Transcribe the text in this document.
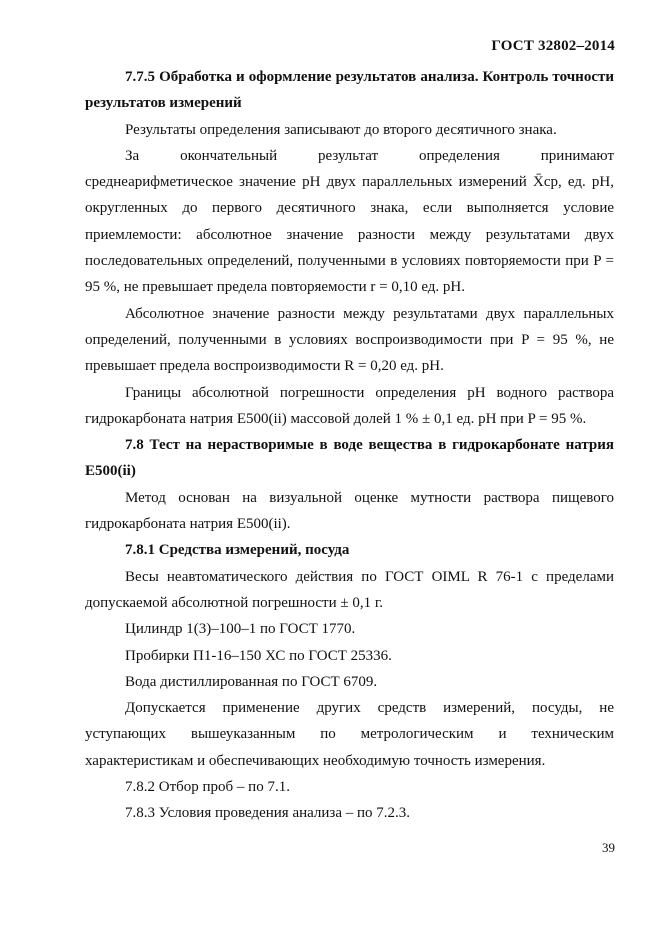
ГОСТ 32802–2014

7.7.5 Обработка и оформление результатов анализа. Контроль точности результатов измерений

Результаты определения записывают до второго десятичного знака.

За окончательный результат определения принимают среднеарифметическое значение pH двух параллельных измерений X̄ср, ед. pH, округленных до первого десятичного знака, если выполняется условие приемлемости: абсолютное значение разности между результатами двух последовательных определений, полученными в условиях повторяемости при P = 95 %, не превышает предела повторяемости r = 0,10 ед. pH.

Абсолютное значение разности между результатами двух параллельных определений, полученными в условиях воспроизводимости при P = 95 %, не превышает предела воспроизводимости R = 0,20 ед. pH.

Границы абсолютной погрешности определения pH водного раствора гидрокарбоната натрия Е500(ii) массовой долей 1 % ± 0,1 ед. pH при P = 95 %.

7.8 Тест на нерастворимые в воде вещества в гидрокарбонате натрия Е500(ii)

Метод основан на визуальной оценке мутности раствора пищевого гидрокарбоната натрия Е500(ii).

7.8.1 Средства измерений, посуда

Весы неавтоматического действия по ГОСТ OIML R 76-1 с пределами допускаемой абсолютной погрешности ± 0,1 г.

Цилиндр 1(3)–100–1 по ГОСТ 1770.

Пробирки П1-16–150 ХС по ГОСТ 25336.

Вода дистиллированная по ГОСТ 6709.

Допускается применение других средств измерений, посуды, не уступающих вышеуказанным по метрологическим и техническим характеристикам и обеспечивающих необходимую точность измерения.

7.8.2 Отбор проб – по 7.1.

7.8.3 Условия проведения анализа – по 7.2.3.

39
